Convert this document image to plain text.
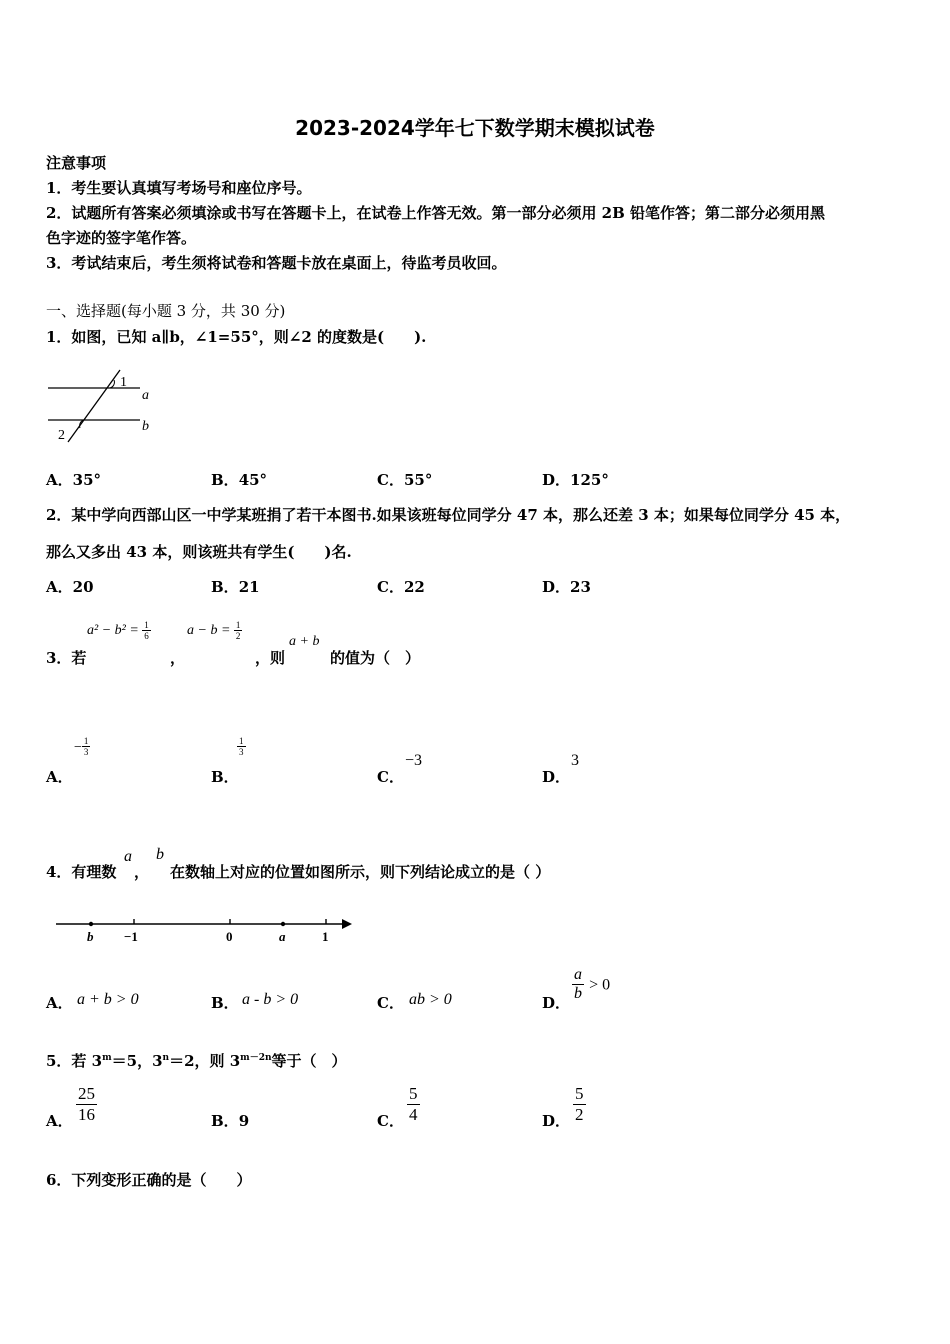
2023-2024学年七下数学期末模拟试卷
注意事项
1．考生要认真填写考场号和座位序号。
2．试题所有答案必须填涂或书写在答题卡上，在试卷上作答无效。第一部分必须用 2B 铅笔作答；第二部分必须用黑
色字迹的签字笔作答。
3．考试结束后，考生须将试卷和答题卡放在桌面上，待监考员收回。
一、选择题(每小题 3 分，共 30 分)
1．如图，已知 a∥b，∠1=55°，则∠2 的度数是(　　).
1
2
a
b
A．35°	B．45°	C．55°	D．125°
2．某中学向西部山区一中学某班捐了若干本图书.如果该班每位同学分 47 本，那么还差 3 本；如果每位同学分 45 本，
那么又多出 43 本，则该班共有学生(　　)名.
A．20	B．21	C．22	D．23
$a^2 - b^2 = \frac{1}{6}$	$a - b = \frac{1}{2}$	a + b
3．若	，	，则	的值为（　）
A．
− $\frac{1}{3}$
B．
$\frac{1}{3}$
C．
−3
D．
3
4．有理数
a
，
b
在数轴上对应的位置如图所示，则下列结论成立的是（ ）
b −1	0	a	1
A． a + b > 0	B． a - b > 0	C． ab > 0	D． $\frac{a}{b} > 0$
5．若 $3^m=5$，$3^n=2$，则 $3^{m-2n}$等于（　）
A． $\frac{25}{16}$	B．9	C． $\frac{5}{4}$	D． $\frac{5}{2}$
6．下列变形正确的是（　　）
